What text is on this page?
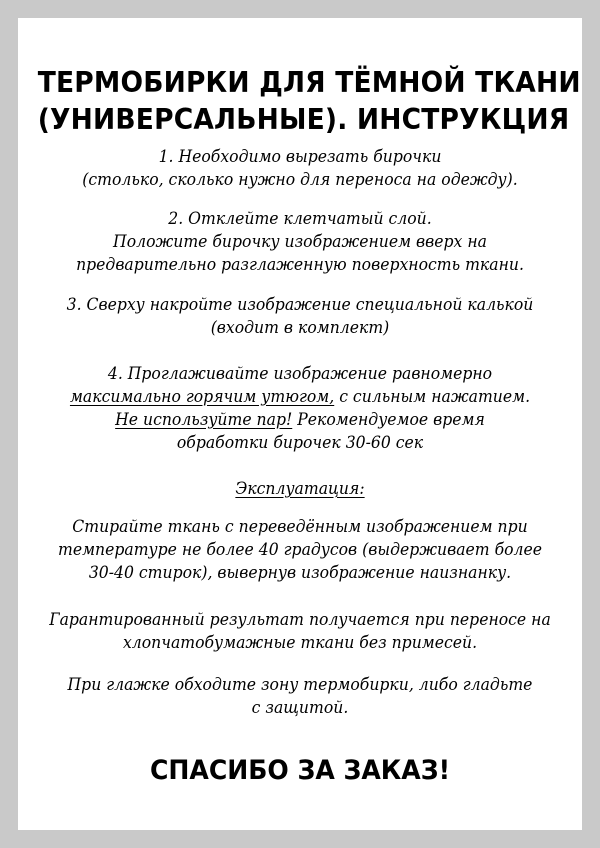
ТЕРМОБИРКИ ДЛЯ ТЁМНОЙ ТКАНИ
(УНИВЕРСАЛЬНЫЕ). ИНСТРУКЦИЯ
1. Необходимо вырезать бирочки
(столько, сколько нужно для переноса на одежду).
2. Отклейте клетчатый слой.
Положите бирочку изображением вверх на
предварительно разглаженную поверхность ткани.
3. Сверху накройте изображение специальной калькой
(входит в комплект)
4. Проглаживайте изображение равномерно
максимально горячим утюгом, с сильным нажатием.
Не используйте пар! Рекомендуемое время
обработки бирочек 30-60 сек
Эксплуатация:
Стирайте ткань с переведённым изображением при
температуре не более 40 градусов (выдерживает более
30-40 стирок), вывернув изображение наизнанку.
Гарантированный результат получается при переносе на
хлопчатобумажные ткани без примесей.
При глажке обходите зону термобирки, либо гладьте
с защитой.
СПАСИБО ЗА ЗАКАЗ!
